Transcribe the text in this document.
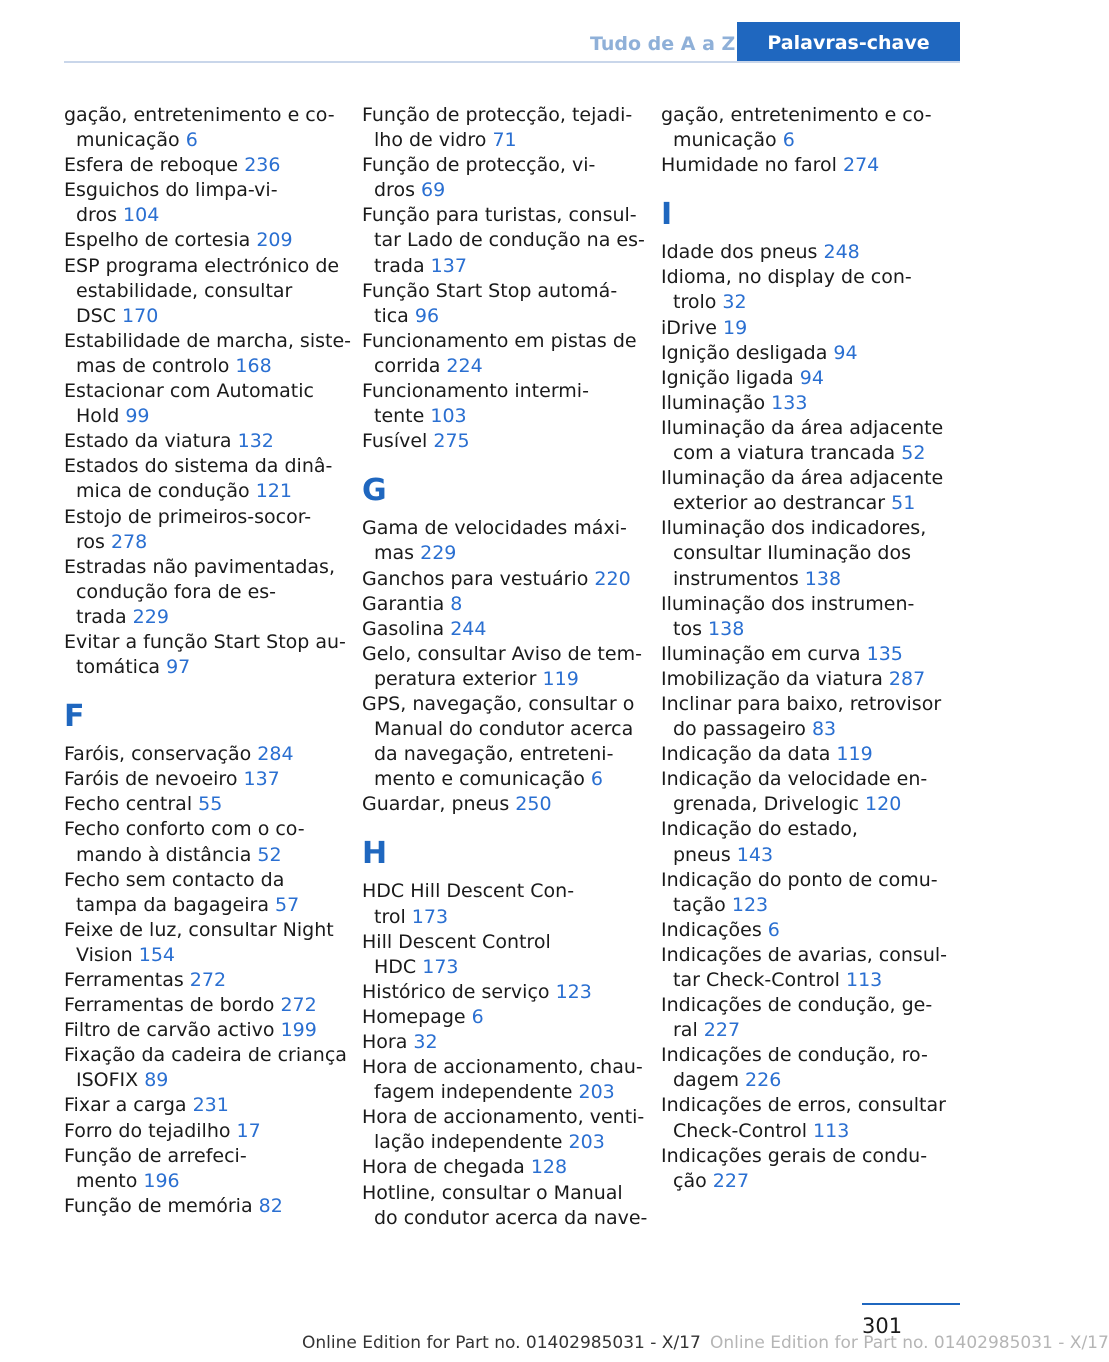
Tudo de A a Z	Palavras-chave
gação, entretenimento e co-
municação 6
Esfera de reboque 236
Esguichos do limpa-vi-
dros 104
Espelho de cortesia 209
ESP programa electrónico de
estabilidade, consultar
DSC 170
Estabilidade de marcha, siste-
mas de controlo 168
Estacionar com Automatic
Hold 99
Estado da viatura 132
Estados do sistema da dinâ-
mica de condução 121
Estojo de primeiros-socor-
ros 278
Estradas não pavimentadas,
condução fora de es-
trada 229
Evitar a função Start Stop au-
tomática 97
F
Faróis, conservação 284
Faróis de nevoeiro 137
Fecho central 55
Fecho conforto com o co-
mando à distância 52
Fecho sem contacto da
tampa da bagageira 57
Feixe de luz, consultar Night
Vision 154
Ferramentas 272
Ferramentas de bordo 272
Filtro de carvão activo 199
Fixação da cadeira de criança
ISOFIX 89
Fixar a carga 231
Forro do tejadilho 17
Função de arrefeci-
mento 196
Função de memória 82
Função de protecção, tejadi-
lho de vidro 71
Função de protecção, vi-
dros 69
Função para turistas, consul-
tar Lado de condução na es-
trada 137
Função Start Stop automá-
tica 96
Funcionamento em pistas de
corrida 224
Funcionamento intermi-
tente 103
Fusível 275
G
Gama de velocidades máxi-
mas 229
Ganchos para vestuário 220
Garantia 8
Gasolina 244
Gelo, consultar Aviso de tem-
peratura exterior 119
GPS, navegação, consultar o
Manual do condutor acerca
da navegação, entreteni-
mento e comunicação 6
Guardar, pneus 250
H
HDC Hill Descent Con-
trol 173
Hill Descent Control
HDC 173
Histórico de serviço 123
Homepage 6
Hora 32
Hora de accionamento, chau-
fagem independente 203
Hora de accionamento, venti-
lação independente 203
Hora de chegada 128
Hotline, consultar o Manual
do condutor acerca da nave-
gação, entretenimento e co-
municação 6
Humidade no farol 274
I
Idade dos pneus 248
Idioma, no display de con-
trolo 32
iDrive 19
Ignição desligada 94
Ignição ligada 94
Iluminação 133
Iluminação da área adjacente
com a viatura trancada 52
Iluminação da área adjacente
exterior ao destrancar 51
Iluminação dos indicadores,
consultar Iluminação dos
instrumentos 138
Iluminação dos instrumen-
tos 138
Iluminação em curva 135
Imobilização da viatura 287
Inclinar para baixo, retrovisor
do passageiro 83
Indicação da data 119
Indicação da velocidade en-
grenada, Drivelogic 120
Indicação do estado,
pneus 143
Indicação do ponto de comu-
tação 123
Indicações 6
Indicações de avarias, consul-
tar Check-Control 113
Indicações de condução, ge-
ral 227
Indicações de condução, ro-
dagem 226
Indicações de erros, consultar
Check-Control 113
Indicações gerais de condu-
ção 227
301
Online Edition for Part no. 01402985031 - X/17 Online Edition for Part no. 01402985031 - X/17
